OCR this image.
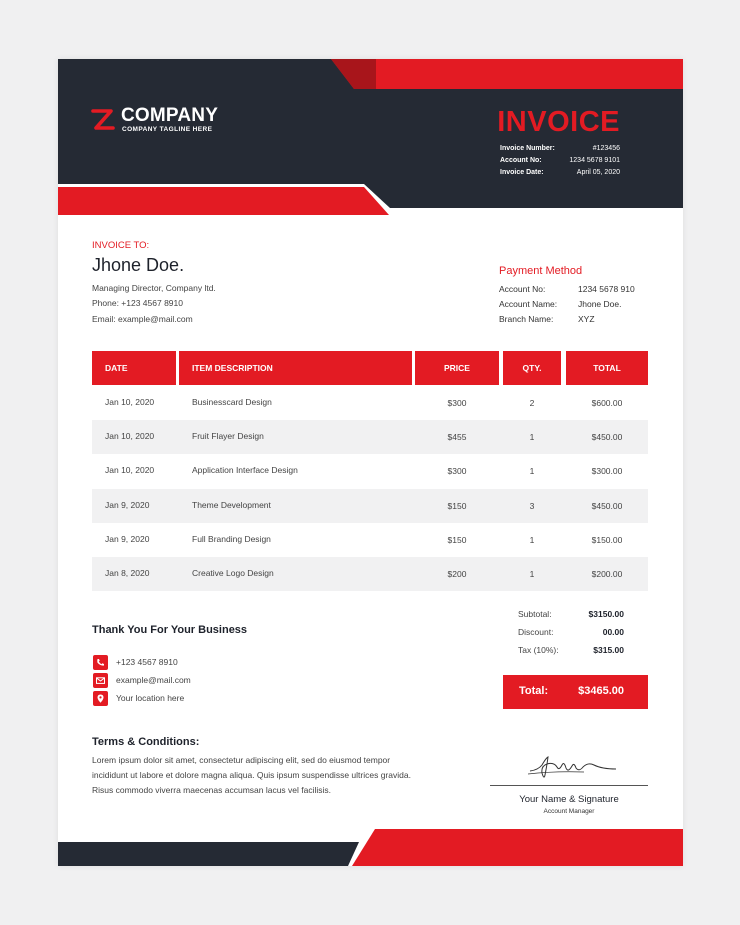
COMPANY
COMPANY TAGLINE HERE	INVOICE
Invoice Number:	#123456
Account No:	1234 5678 9101
Invoice Date:	April 05, 2020
INVOICE TO:
Jhone Doe.
Managing Director, Company ltd.
Phone: +123 4567 8910
Email: example@mail.com
Payment Method
Account No:	1234 5678 910
Account Name: Jhone Doe.
Branch Name:	XYZ
DATE	ITEM DESCRIPTION	PRICE	QTY.	TOTAL
Jan 10, 2020	Businesscard Design	$300	2	$600.00
Jan 10, 2020	Fruit Flayer Design	$455	1	$450.00
Jan 10, 2020	Application Interface Design	$300	1	$300.00
Jan 9, 2020	Theme Development	$150	3	$450.00
Jan 9, 2020	Full Branding Design	$150	1	$150.00
Jan 8, 2020	Creative Logo Design	$200	1	$200.00
Subtotal:	$3150.00
Discount:	00.00
Tax (10%):	$315.00
Total:	$3465.00
Thank You For Your Business
+123 4567 8910
example@mail.com
Your location here
Terms & Conditions:
Lorem ipsum dolor sit amet, consectetur adipiscing elit, sed do eiusmod tempor
incididunt ut labore et dolore magna aliqua. Quis ipsum suspendisse ultrices gravida.
Risus commodo viverra maecenas accumsan lacus vel facilisis.
Your Name & Signature
Account Manager
